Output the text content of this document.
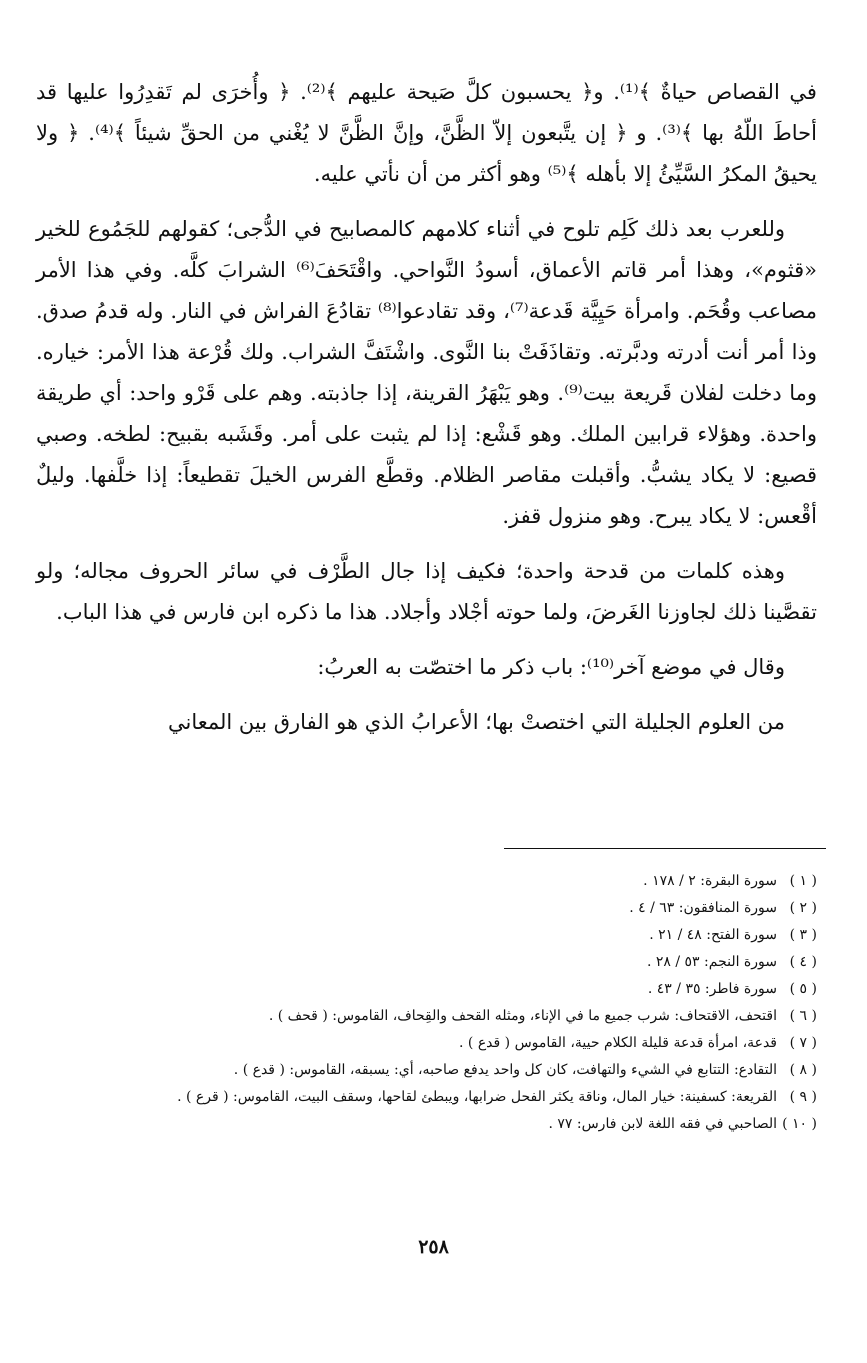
في القصاص حياةٌ ﴾⁽¹⁾. و﴿ يحسبون كلَّ صَيحة عليهم ﴾⁽²⁾. ﴿ وأُخرَى لم تَقدِرُوا عليها قد أحاطَ اللّهُ بها ﴾⁽³⁾. و ﴿ إن يتَّبعون إلاّ الظَّنَّ، وإنَّ الظَّنَّ لا يُغْني من الحقِّ شيئاً ﴾⁽⁴⁾. ﴿ ولا يحيقُ المكرُ السَّيِّئُ إلا بأهله ﴾⁽⁵⁾ وهو أكثر من أن نأتي عليه.

وللعرب بعد ذلك كَلِم تلوح في أثناء كلامهم كالمصابيح في الدُّجى؛ كقولهم للجَمُوع للخير «قثوم»، وهذا أمر قاتم الأعماق، أسودُ النَّواحي. واقْتَحَفَ⁽⁶⁾ الشرابَ كلَّه. وفي هذا الأمر مصاعب وقُحَم. وامرأة حَيِيَّة قَدعة⁽⁷⁾، وقد تقادعوا⁽⁸⁾ تقادُعَ الفراش في النار. وله قدمُ صدق. وذا أمر أنت أدرته ودبَّرته. وتقاذَفَتْ بنا النَّوى. واشْتَفَّ الشراب. ولك قُرْعة هذا الأمر: خياره. وما دخلت لفلان قَريعة بيت⁽⁹⁾. وهو يَبْهَرُ القرينة، إذا جاذبته. وهم على قَرْو واحد: أي طريقة واحدة. وهؤلاء قرابين الملك. وهو قَشْع: إذا لم يثبت على أمر. وقَشَبه بقبيح: لطخه. وصبي قصيع: لا يكاد يشبُّ. وأقبلت مقاصر الظلام. وقطَّع الفرس الخيلَ تقطيعاً: إذا خلَّفها. وليلٌ أقْعس: لا يكاد يبرح. وهو منزول قفز.

وهذه كلمات من قدحة واحدة؛ فكيف إذا جال الطَّرْف في سائر الحروف مجاله؛ ولو تقصَّينا ذلك لجاوزنا الغَرضَ، ولما حوته أجْلاد وأجلاد. هذا ما ذكره ابن فارس في هذا الباب.

وقال في موضع آخر⁽¹⁰⁾: باب ذكر ما اختصّت به العربُ:

من العلوم الجليلة التي اختصتْ بها؛ الأعرابُ الذي هو الفارق بين المعاني

( ١ )
سورة البقرة: ٢ / ١٧٨ .
( ٢ )
سورة المنافقون: ٦٣ / ٤ .
( ٣ )
سورة الفتح: ٤٨ / ٢١ .
( ٤ )
سورة النجم: ٥٣ / ٢٨ .
( ٥ )
سورة فاطر: ٣٥ / ٤٣ .
( ٦ )
اقتحف، الاقتحاف: شرب جميع ما في الإناء، ومثله القحف والقِحاف، القاموس: ( قحف ) .
( ٧ )
قدعة، امرأة قدعة قليلة الكلام حيية، القاموس ( قدع ) .
( ٨ )
التقادع: التتابع في الشيء والتهافت، كان كل واحد يدفع صاحبه، أي: يسبقه، القاموس: ( قدع ) .
( ٩ )
القريعة: كسفينة: خيار المال، وناقة يكثر الفحل ضرابها، ويبطئ لقاحها، وسقف البيت، القاموس: ( قرع ) .
( ١٠ )
الصاحبي في فقه اللغة لابن فارس: ٧٧ .
٢٥٨
